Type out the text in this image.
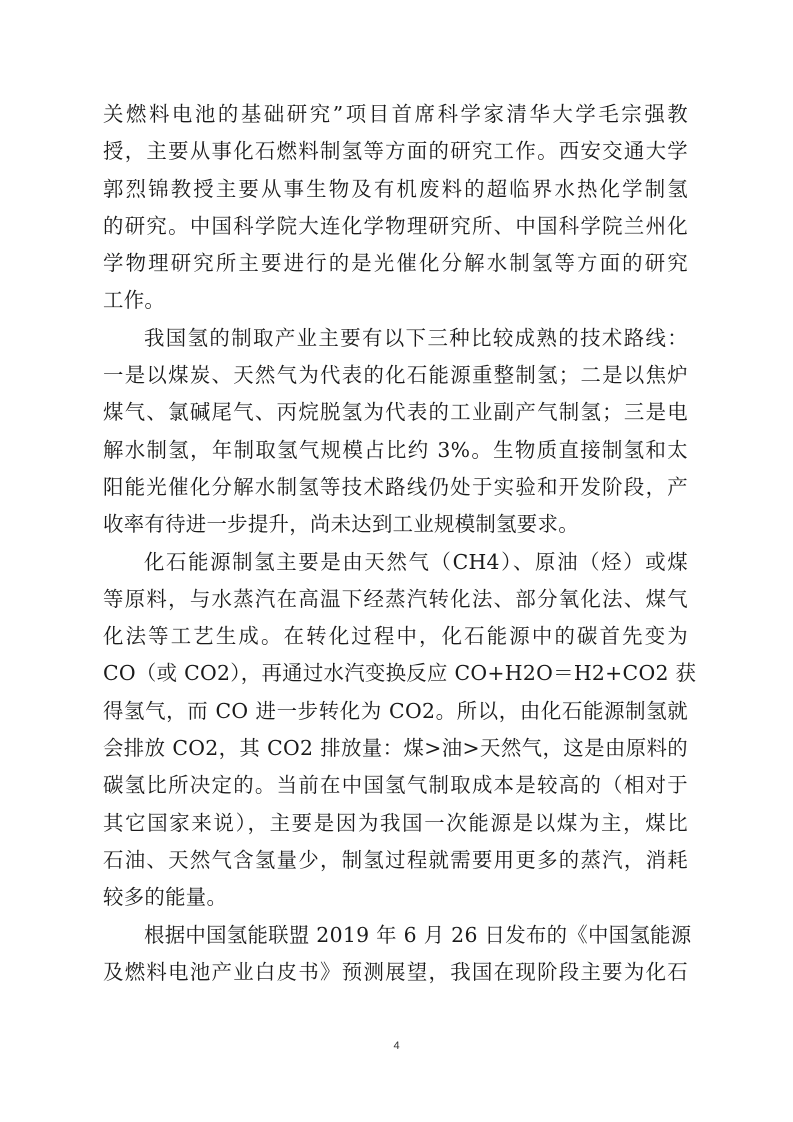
关燃料电池的基础研究”项目首席科学家清华大学毛宗强教
授，主要从事化石燃料制氢等方面的研究工作。西安交通大学
郭烈锦教授主要从事生物及有机废料的超临界水热化学制氢
的研究。中国科学院大连化学物理研究所、中国科学院兰州化
学物理研究所主要进行的是光催化分解水制氢等方面的研究
工作。
我国氢的制取产业主要有以下三种比较成熟的技术路线：
一是以煤炭、天然气为代表的化石能源重整制氢；二是以焦炉
煤气、氯碱尾气、丙烷脱氢为代表的工业副产气制氢；三是电
解水制氢，年制取氢气规模占比约 3%。生物质直接制氢和太
阳能光催化分解水制氢等技术路线仍处于实验和开发阶段，产
收率有待进一步提升，尚未达到工业规模制氢要求。
化石能源制氢主要是由天然气（CH4）、原油（烃）或煤
等原料，与水蒸汽在高温下经蒸汽转化法、部分氧化法、煤气
化法等工艺生成。在转化过程中，化石能源中的碳首先变为
CO（或 CO2），再通过水汽变换反应 CO+H2O＝H2+CO2 获
得氢气，而 CO 进一步转化为 CO2。所以，由化石能源制氢就
会排放 CO2，其 CO2 排放量：煤>油>天然气，这是由原料的
碳氢比所决定的。当前在中国氢气制取成本是较高的（相对于
其它国家来说），主要是因为我国一次能源是以煤为主，煤比
石油、天然气含氢量少，制氢过程就需要用更多的蒸汽，消耗
较多的能量。
根据中国氢能联盟 2019 年 6 月 26 日发布的《中国氢能源
及燃料电池产业白皮书》预测展望，我国在现阶段主要为化石
4
